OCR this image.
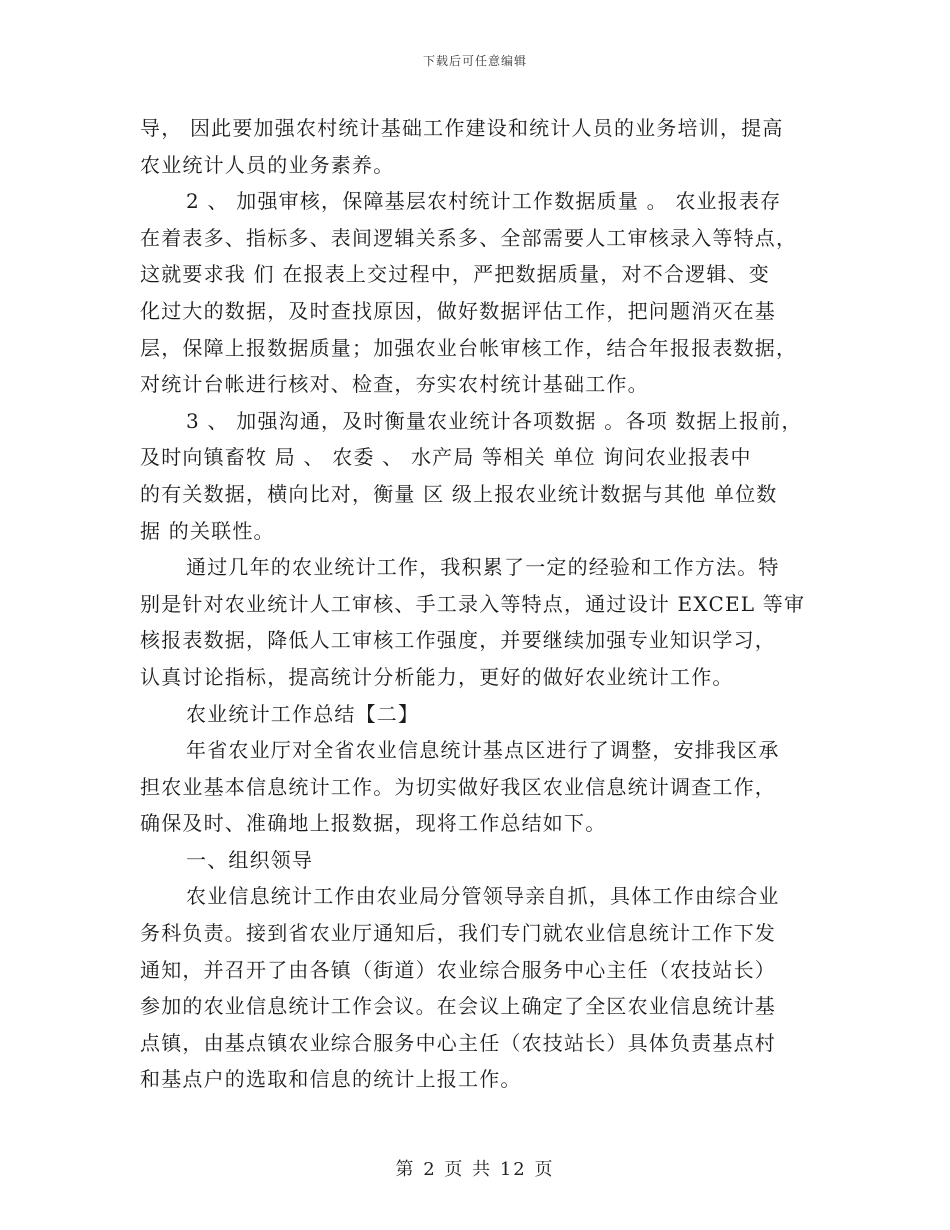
下载后可任意编辑
导， 因此要加强农村统计基础工作建设和统计人员的业务培训，提高
农业统计人员的业务素养。
2 、 加强审核，保障基层农村统计工作数据质量 。 农业报表存
在着表多、指标多、表间逻辑关系多、全部需要人工审核录入等特点，
这就要求我 们 在报表上交过程中，严把数据质量，对不合逻辑、变
化过大的数据，及时查找原因，做好数据评估工作，把问题消灭在基
层，保障上报数据质量；加强农业台帐审核工作，结合年报报表数据，
对统计台帐进行核对、检查，夯实农村统计基础工作。
3 、 加强沟通，及时衡量农业统计各项数据 。各项 数据上报前，
及时向镇畜牧 局 、 农委 、 水产局 等相关 单位 询问农业报表中
的有关数据，横向比对，衡量 区 级上报农业统计数据与其他 单位数
据 的关联性。
通过几年的农业统计工作，我积累了一定的经验和工作方法。特
别是针对农业统计人工审核、手工录入等特点，通过设计 EXCEL 等审
核报表数据，降低人工审核工作强度，并要继续加强专业知识学习，
认真讨论指标，提高统计分析能力，更好的做好农业统计工作。
农业统计工作总结【二】
年省农业厅对全省农业信息统计基点区进行了调整，安排我区承
担农业基本信息统计工作。为切实做好我区农业信息统计调查工作，
确保及时、准确地上报数据，现将工作总结如下。
一、组织领导
农业信息统计工作由农业局分管领导亲自抓，具体工作由综合业
务科负责。接到省农业厅通知后，我们专门就农业信息统计工作下发
通知，并召开了由各镇（街道）农业综合服务中心主任（农技站长）
参加的农业信息统计工作会议。在会议上确定了全区农业信息统计基
点镇，由基点镇农业综合服务中心主任（农技站长）具体负责基点村
和基点户的选取和信息的统计上报工作。
第 2 页 共 12 页
